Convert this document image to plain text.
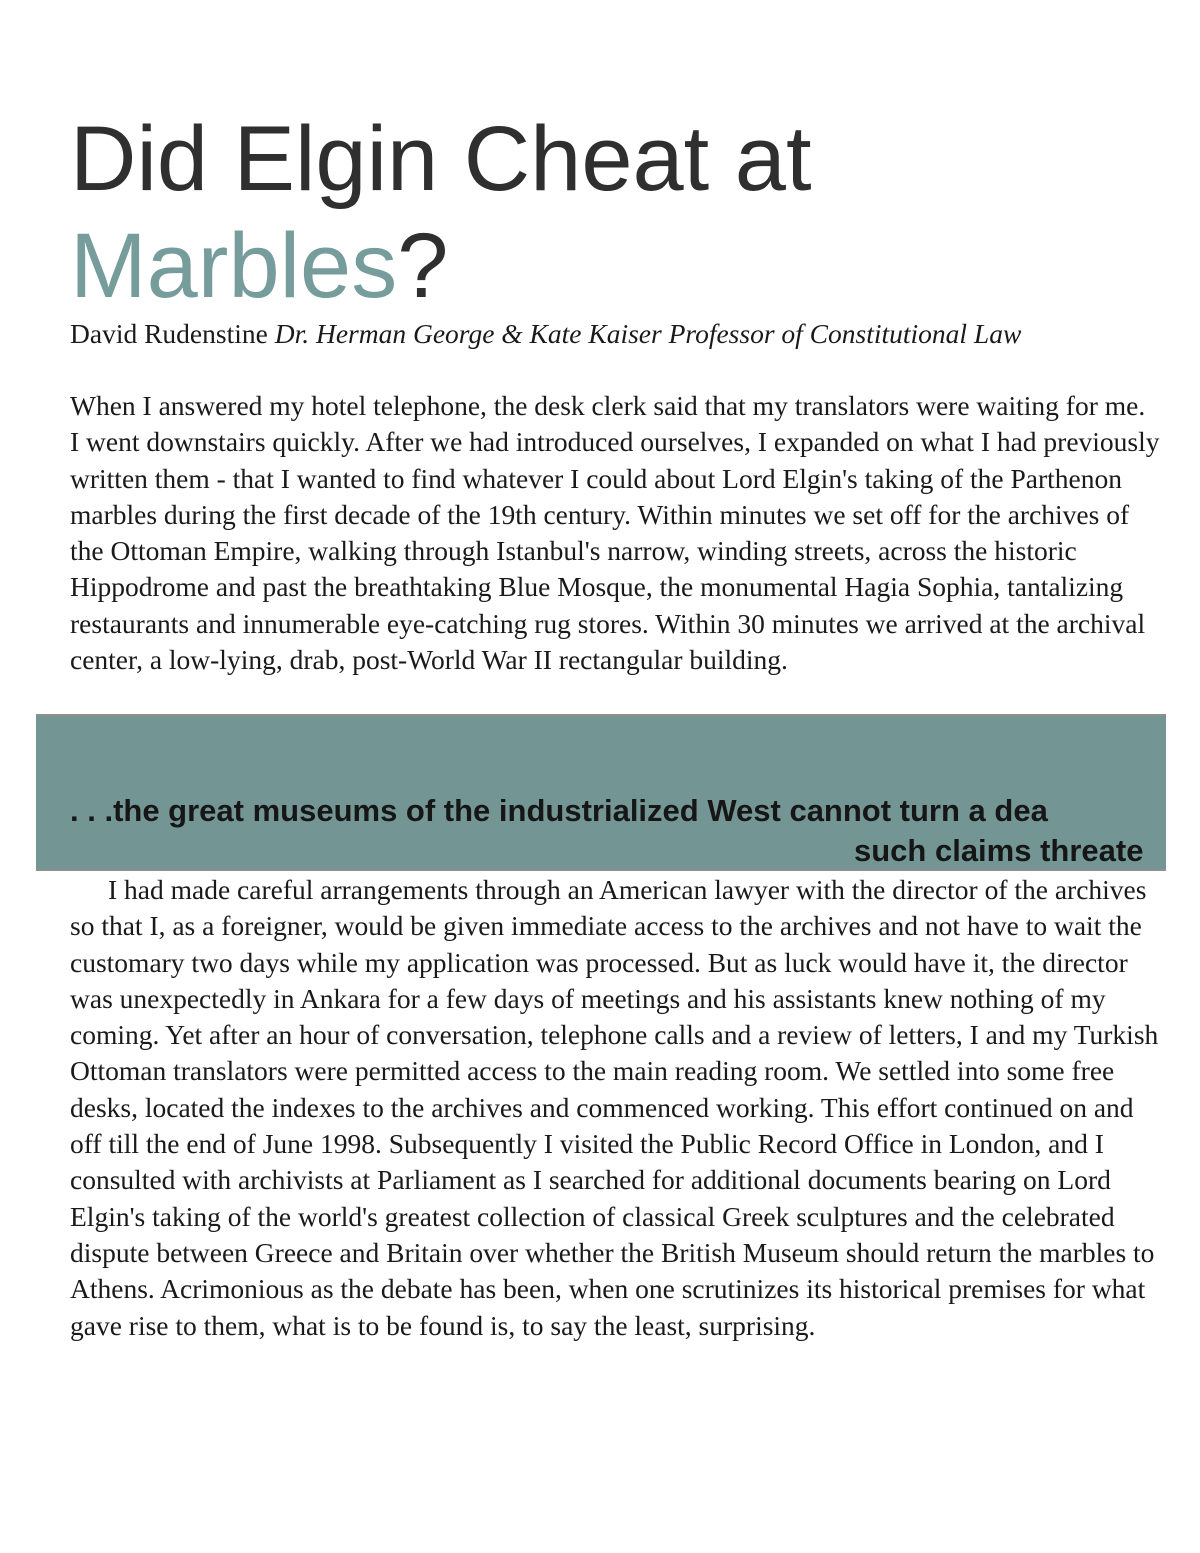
Did Elgin Cheat at
Marbles?

David Rudenstine Dr. Herman George & Kate Kaiser Professor of Constitutional Law

When I answered my hotel telephone, the desk clerk said that my translators were waiting for me. I went downstairs quickly. After we had introduced ourselves, I expanded on what I had previously written them - that I wanted to find whatever I could about Lord Elgin's taking of the Parthenon marbles during the first decade of the 19th century. Within minutes we set off for the archives of the Ottoman Empire, walking through Istanbul's narrow, winding streets, across the historic Hippodrome and past the breathtaking Blue Mosque, the monumental Hagia Sophia, tantalizing restaurants and innumerable eye-catching rug stores. Within 30 minutes we arrived at the archival center, a low-lying, drab, post-World War II rectangular building.

. . .the great museums of the industrialized West cannot turn a dea
such claims threate

I had made careful arrangements through an American lawyer with the director of the archives so that I, as a foreigner, would be given immediate access to the archives and not have to wait the customary two days while my application was processed. But as luck would have it, the director was unexpectedly in Ankara for a few days of meetings and his assistants knew nothing of my coming. Yet after an hour of conversation, telephone calls and a review of letters, I and my Turkish Ottoman translators were permitted access to the main reading room. We settled into some free desks, located the indexes to the archives and commenced working. This effort continued on and off till the end of June 1998. Subsequently I visited the Public Record Office in London, and I consulted with archivists at Parliament as I searched for additional documents bearing on Lord Elgin's taking of the world's greatest collection of classical Greek sculptures and the celebrated dispute between Greece and Britain over whether the British Museum should return the marbles to Athens. Acrimonious as the debate has been, when one scrutinizes its historical premises for what gave rise to them, what is to be found is, to say the least, surprising.
